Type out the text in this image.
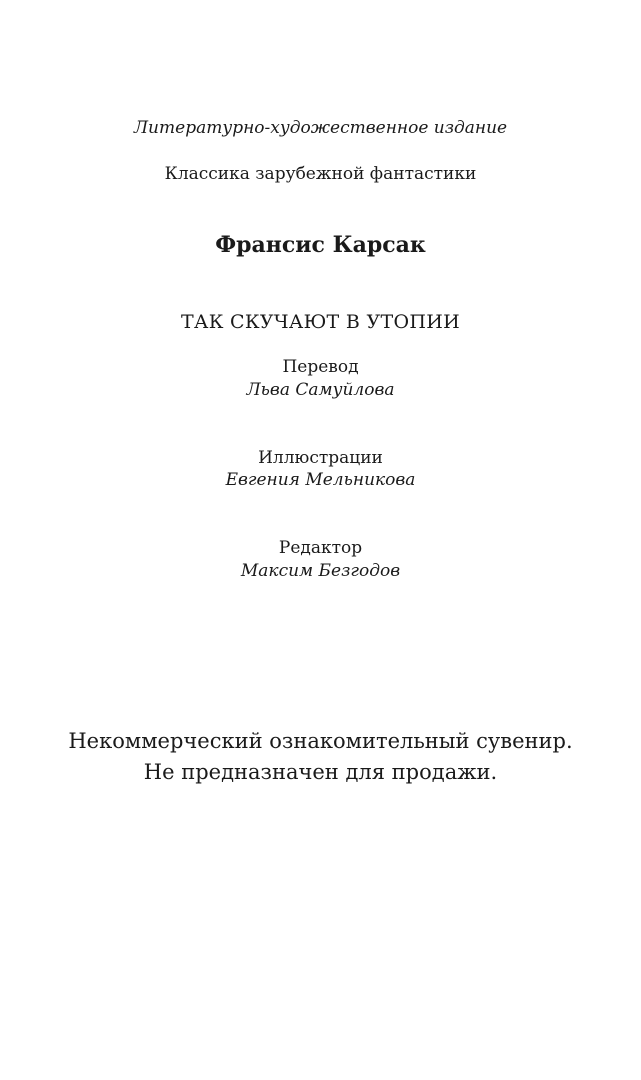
Литературно-художественное издание
Классика зарубежной фантастики
Франсис Карсак
ТАК СКУЧАЮТ В УТОПИИ
Перевод
Льва Самуйлова
Иллюстрации
Евгения Мельникова
Редактор
Максим Безгодов
Некоммерческий ознакомительный сувенир.
Не предназначен для продажи.
